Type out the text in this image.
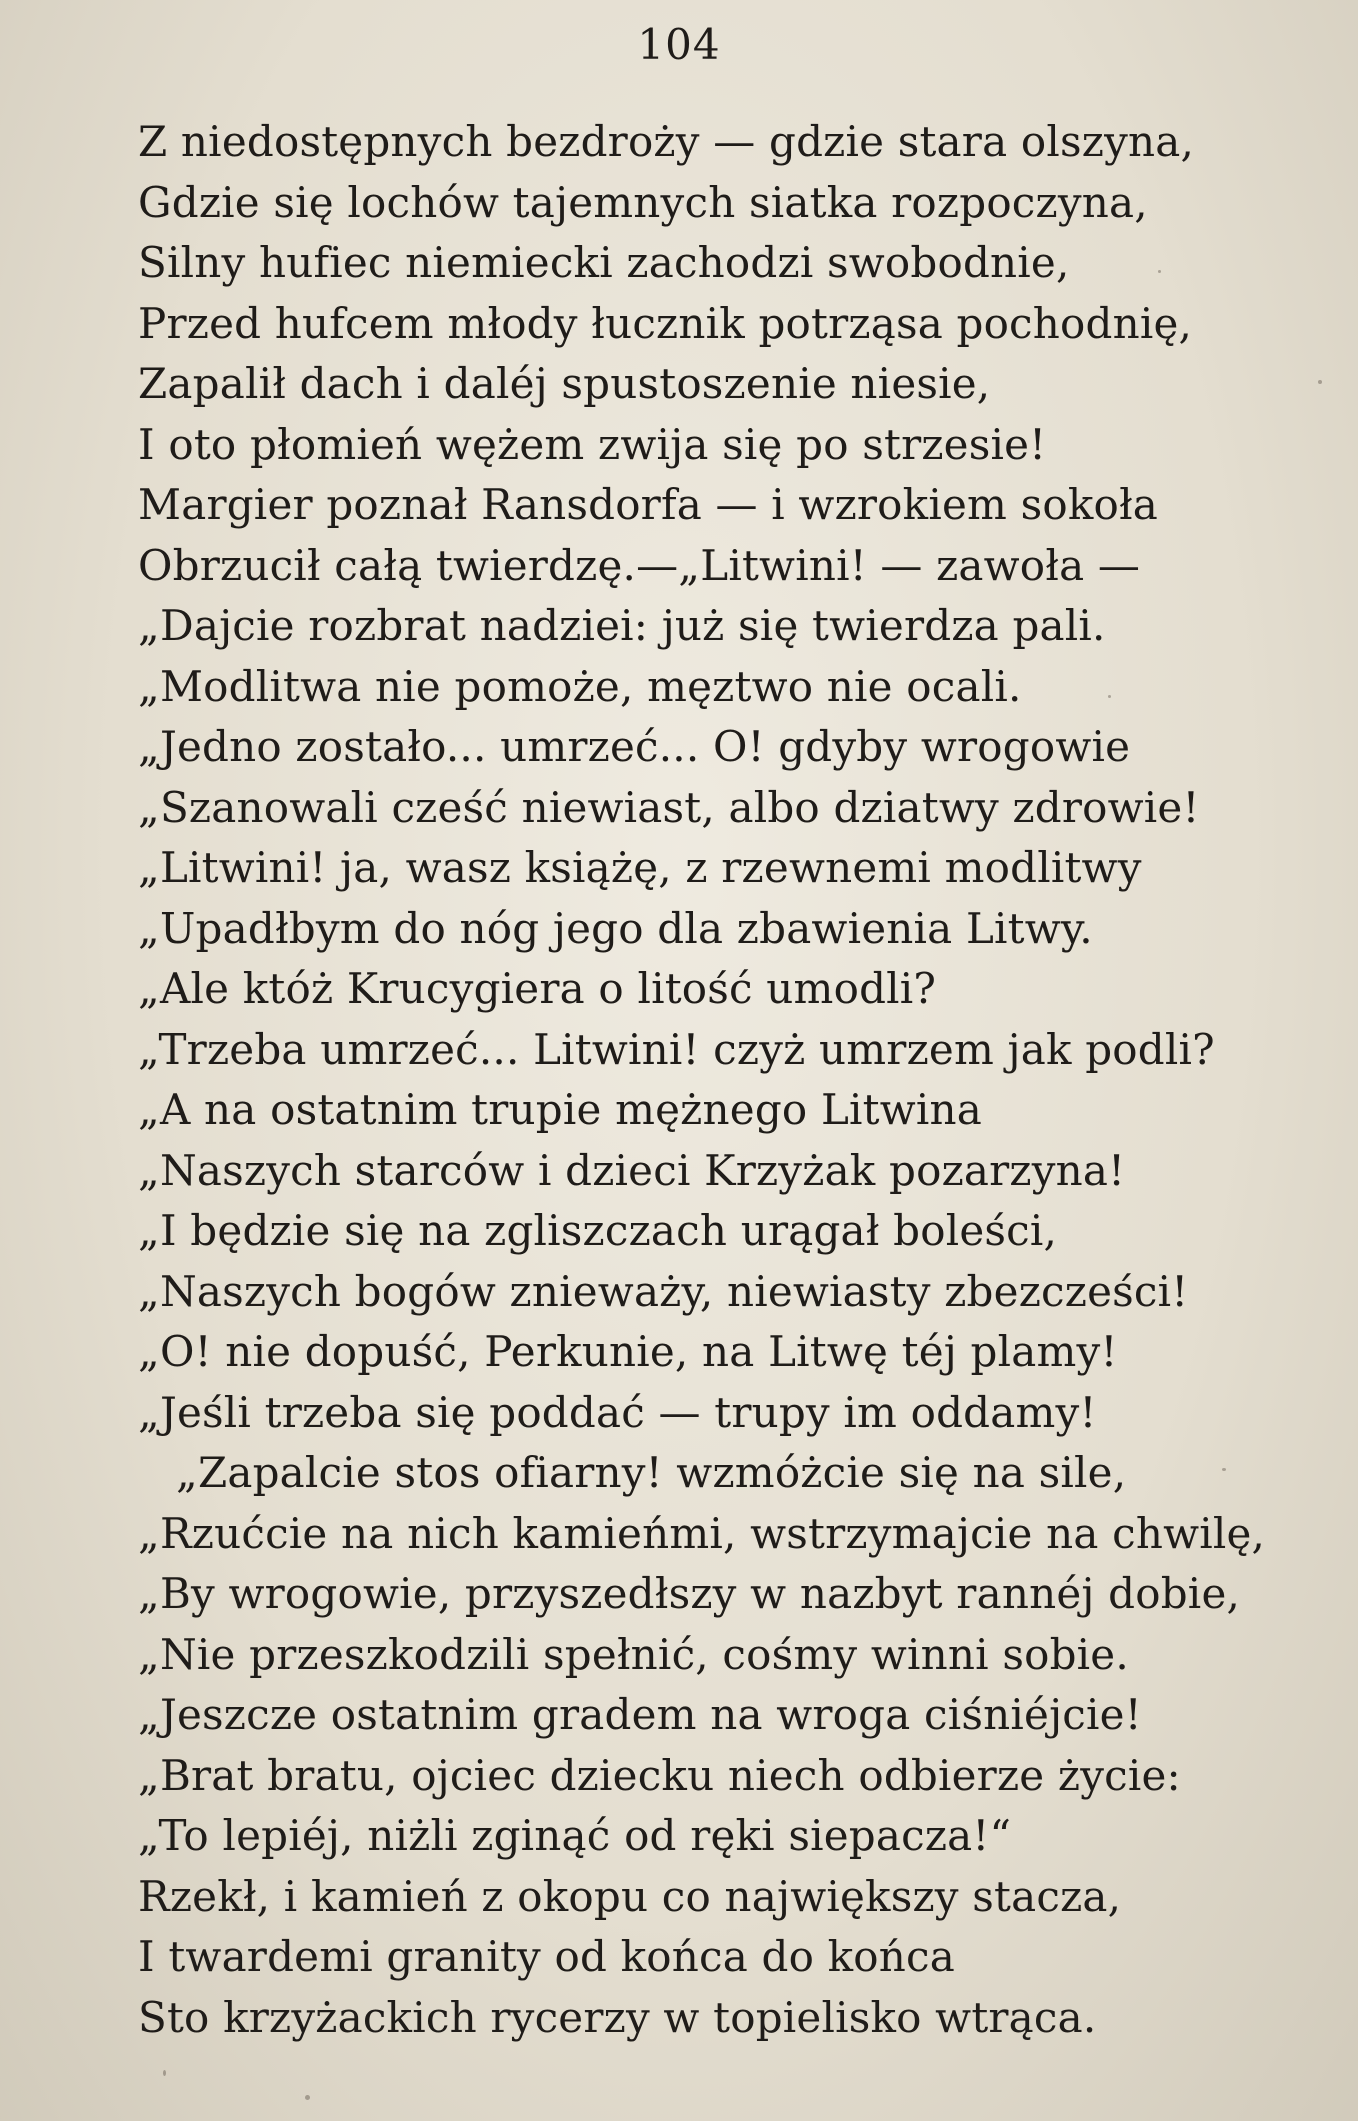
104
Z niedostępnych bezdroży — gdzie stara olszyna,
Gdzie się lochów tajemnych siatka rozpoczyna,
Silny hufiec niemiecki zachodzi swobodnie,
Przed hufcem młody łucznik potrząsa pochodnię,
Zapalił dach i daléj spustoszenie niesie,
I oto płomień wężem zwija się po strzesie!
Margier poznał Ransdorfa — i wzrokiem sokoła
Obrzucił całą twierdzę.—„Litwini! — zawoła —
„Dajcie rozbrat nadziei: już się twierdza pali.
„Modlitwa nie pomoże, męztwo nie ocali.
„Jedno zostało... umrzeć... O! gdyby wrogowie
„Szanowali cześć niewiast, albo dziatwy zdrowie!
„Litwini! ja, wasz książę, z rzewnemi modlitwy
„Upadłbym do nóg jego dla zbawienia Litwy.
„Ale któż Krucygiera o litość umodli?
„Trzeba umrzeć... Litwini! czyż umrzem jak podli?
„A na ostatnim trupie mężnego Litwina
„Naszych starców i dzieci Krzyżak pozarzyna!
„I będzie się na zgliszczach urągał boleści,
„Naszych bogów znieważy, niewiasty zbezcześci!
„O! nie dopuść, Perkunie, na Litwę téj plamy!
„Jeśli trzeba się poddać — trupy im oddamy!
„Zapalcie stos ofiarny! wzmóżcie się na sile,
„Rzućcie na nich kamieńmi, wstrzymajcie na chwilę,
„By wrogowie, przyszedłszy w nazbyt rannéj dobie,
„Nie przeszkodzili spełnić, cośmy winni sobie.
„Jeszcze ostatnim gradem na wroga ciśniéjcie!
„Brat bratu, ojciec dziecku niech odbierze życie:
„To lepiéj, niżli zginąć od ręki siepacza!“
Rzekł, i kamień z okopu co największy stacza,
I twardemi granity od końca do końca
Sto krzyżackich rycerzy w topielisko wtrąca.
